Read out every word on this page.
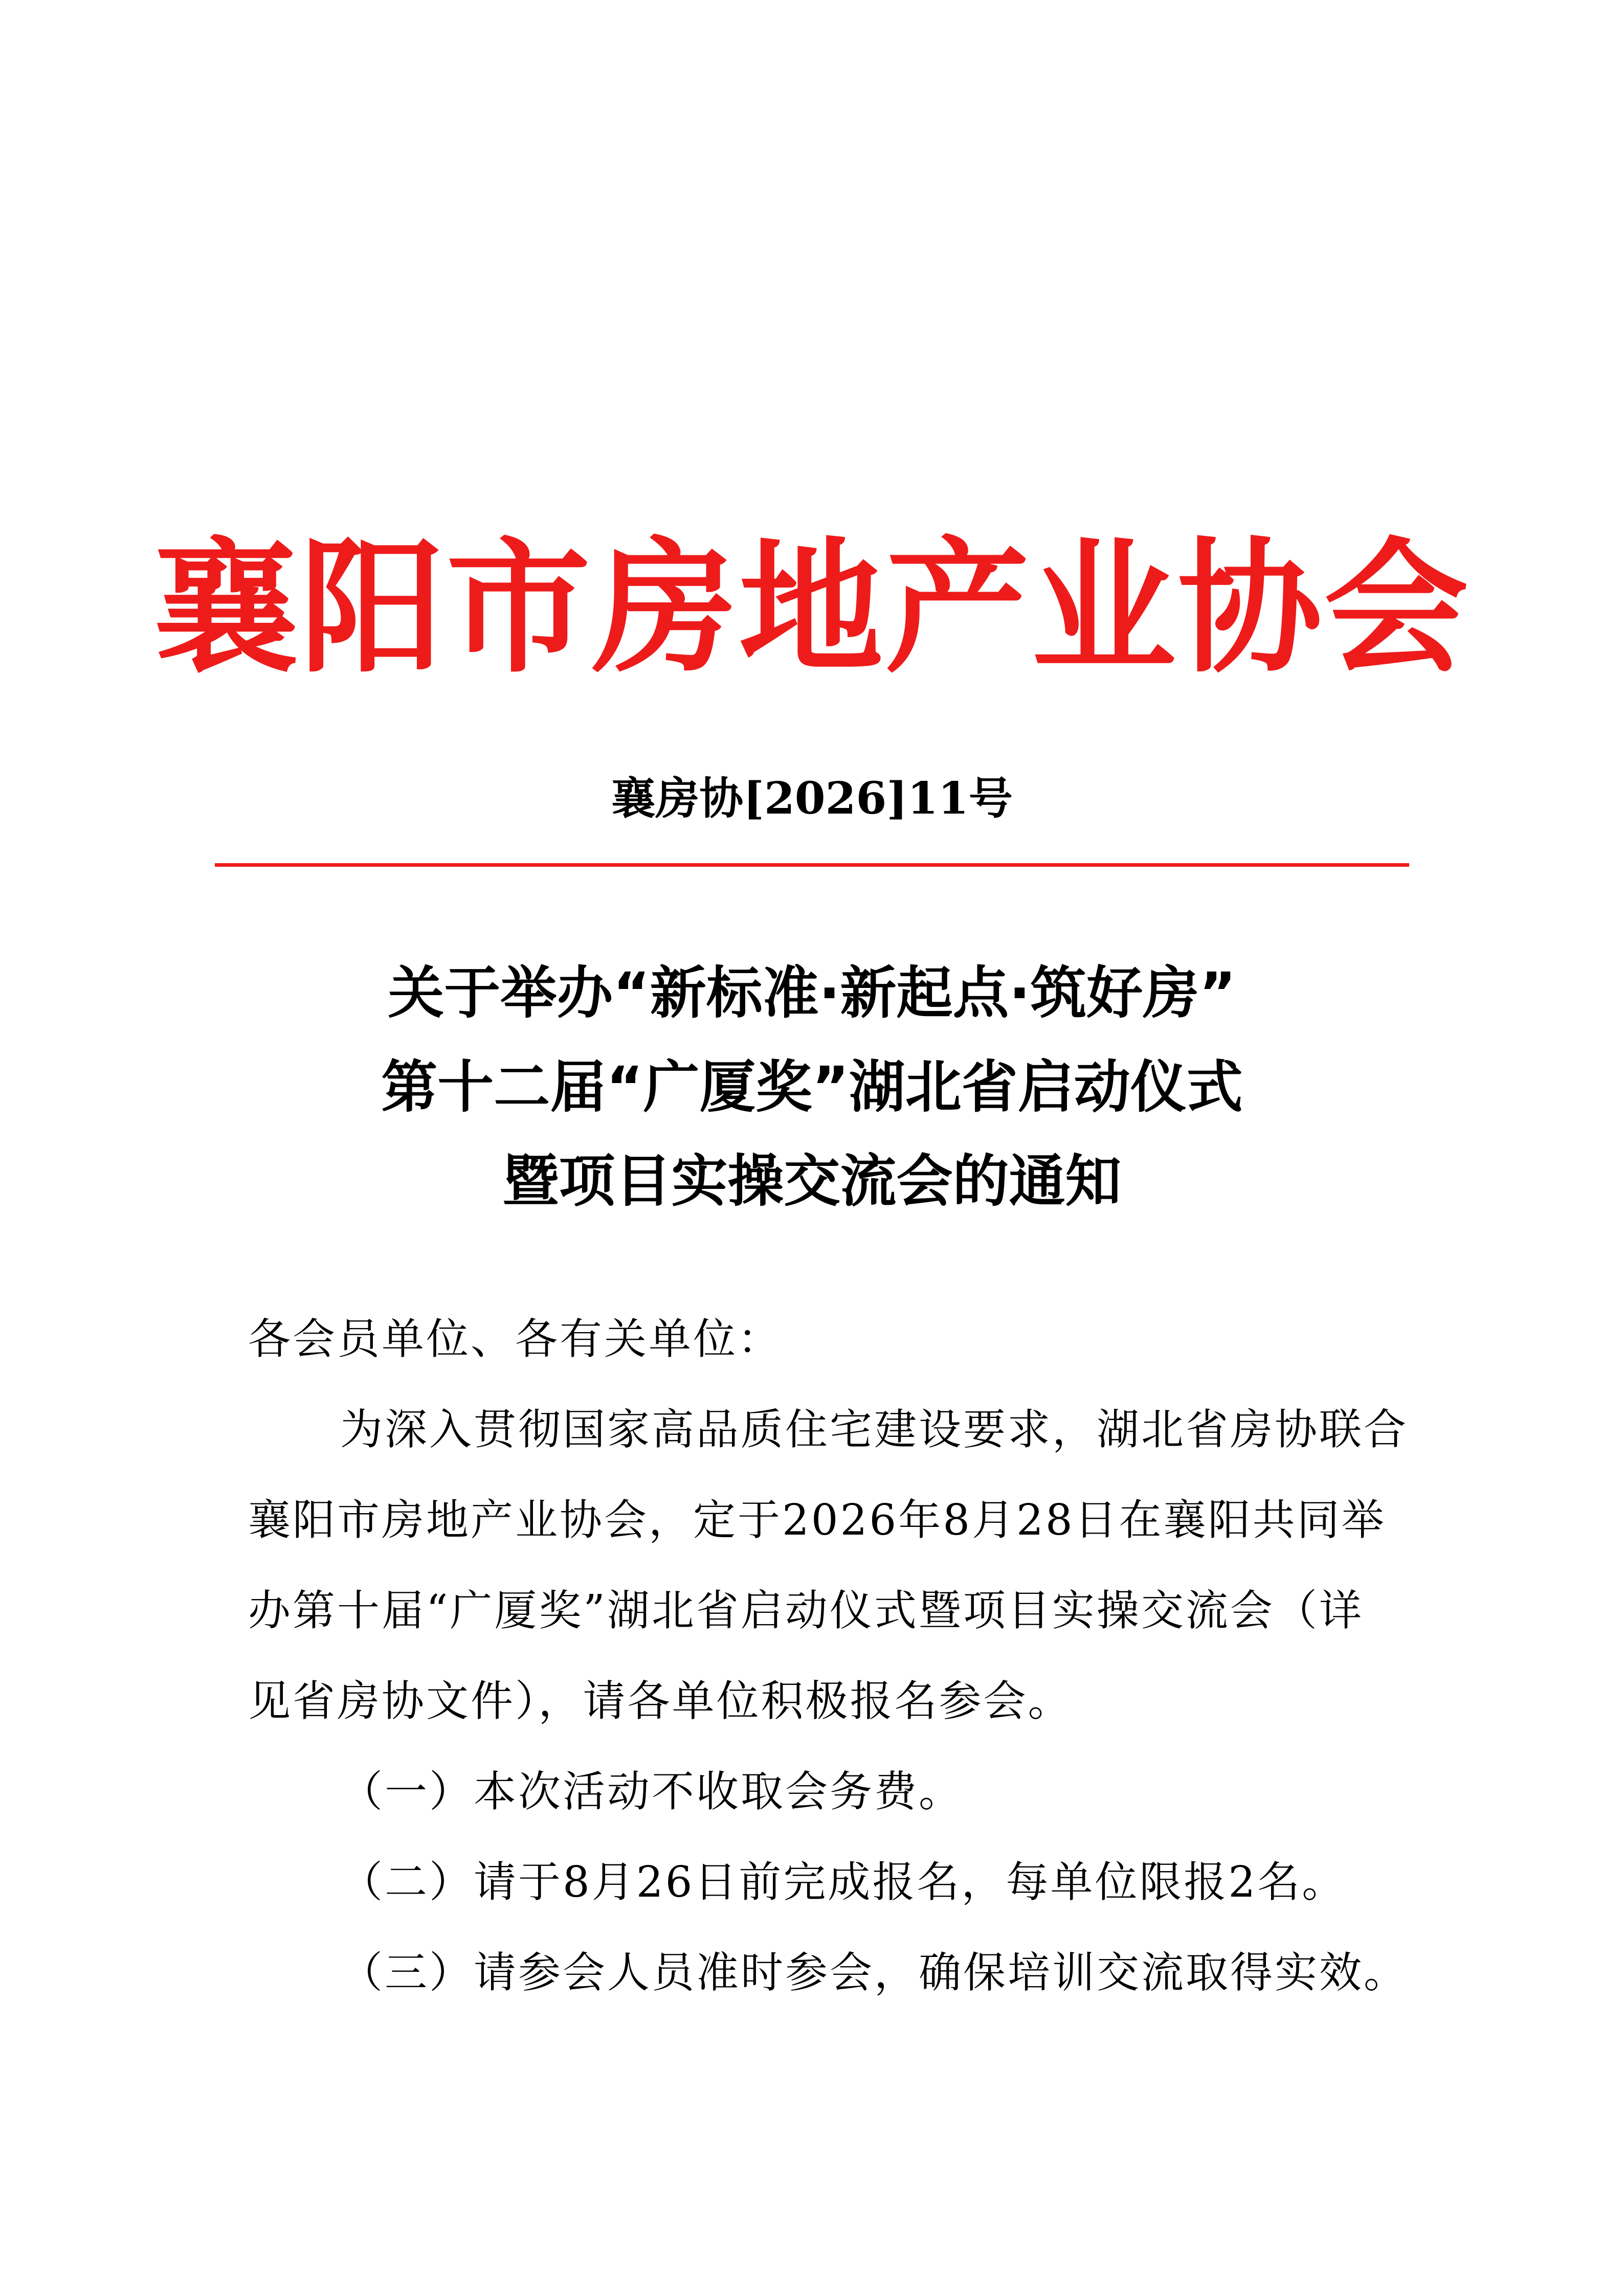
襄阳市房地产业协会
襄房协[2026]11号
关于举办“新标准·新起点·筑好房”
第十二届“广厦奖”湖北省启动仪式
暨项目实操交流会的通知
各会员单位、各有关单位：
为深入贯彻国家高品质住宅建设要求，湖北省房协联合
襄阳市房地产业协会，定于2026年8月28日在襄阳共同举
办第十届“广厦奖”湖北省启动仪式暨项目实操交流会（详
见省房协文件），请各单位积极报名参会。
（一）本次活动不收取会务费。
（二）请于8月26日前完成报名，每单位限报2名。
（三）请参会人员准时参会，确保培训交流取得实效。
